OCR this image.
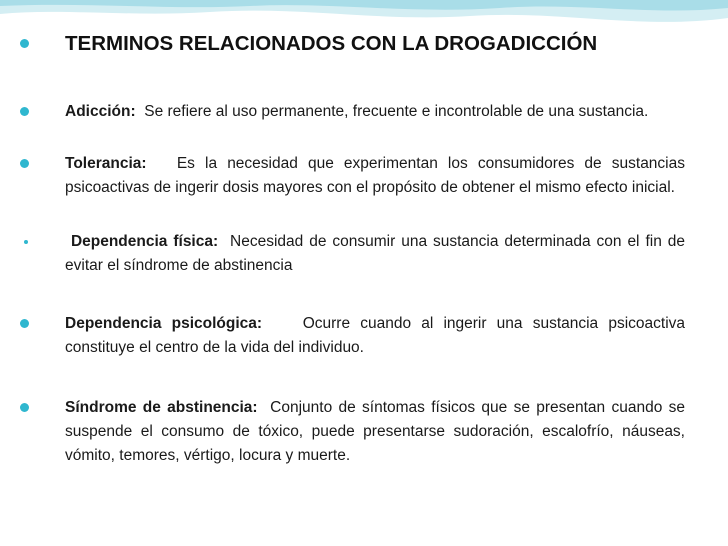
TERMINOS RELACIONADOS CON LA DROGADICCIÓN
Adicción: Se refiere al uso permanente, frecuente e incontrolable de una sustancia.
Tolerancia: Es la necesidad que experimentan los consumidores de sustancias psicoactivas de ingerir dosis mayores con el propósito de obtener el mismo efecto inicial.
Dependencia física: Necesidad de consumir una sustancia determinada con el fin de evitar el síndrome de abstinencia
Dependencia psicológica:	Ocurre cuando al ingerir una sustancia psicoactiva constituye el centro de la vida del individuo.
Síndrome de abstinencia: Conjunto de síntomas físicos que se presentan cuando se suspende el consumo de tóxico, puede presentarse sudoración, escalofrío, náuseas, vómito, temores, vértigo, locura y muerte.
